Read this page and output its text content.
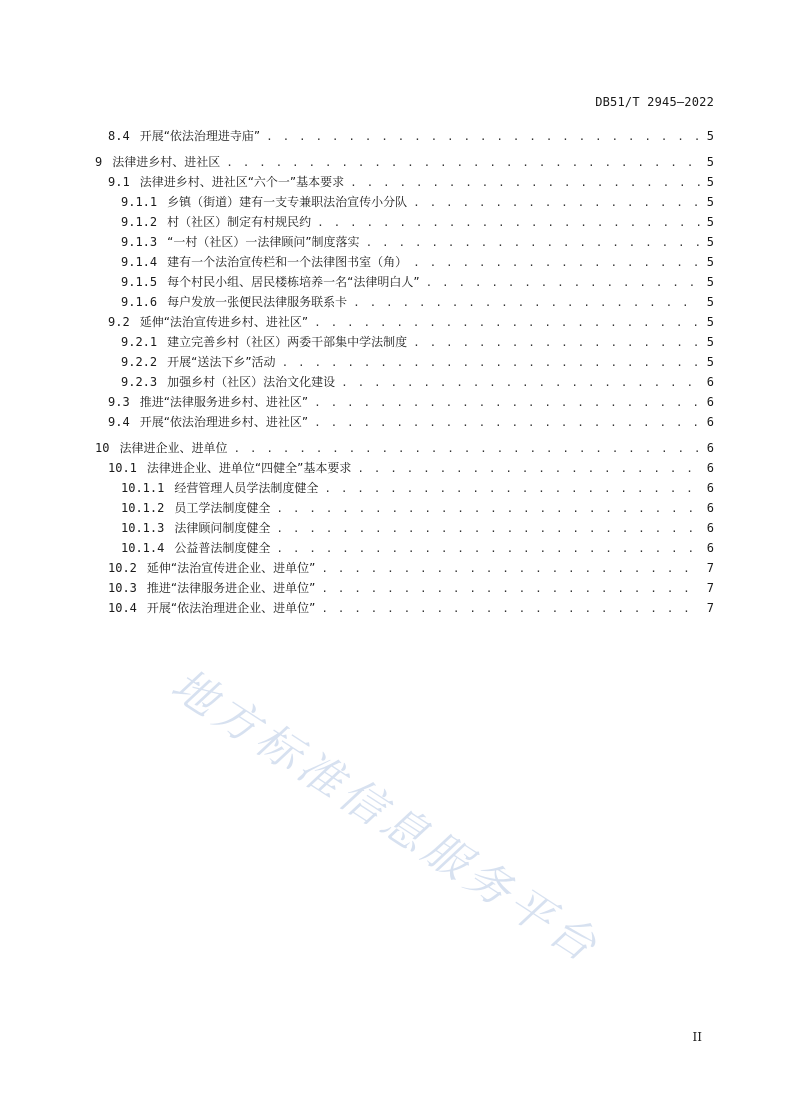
DB51/T 2945—2022
8.4 开展“依法治理进寺庙” . . .	5
9 法律进乡村、进社区 . . .	5
9.1 法律进乡村、进社区“六个一”基本要求 . . .	5
9.1.1 乡镇（街道）建有一支专兼职法治宣传小分队 . . .	5
9.1.2 村（社区）制定有村规民约 . . .	5
9.1.3 “一村（社区）一法律顾问”制度落实 . . .	5
9.1.4 建有一个法治宣传栏和一个法律图书室（角） . . .	5
9.1.5 每个村民小组、居民楼栋培养一名“法律明白人” . . .	5
9.1.6 每户发放一张便民法律服务联系卡 . . .	5
9.2 延伸“法治宣传进乡村、进社区” . . .	5
9.2.1 建立完善乡村（社区）两委干部集中学法制度 . . .	5
9.2.2 开展“送法下乡”活动 . . .	5
9.2.3 加强乡村（社区）法治文化建设 . . .	6
9.3 推进“法律服务进乡村、进社区” . . .	6
9.4 开展“依法治理进乡村、进社区” . . .	6
10 法律进企业、进单位 . . .	6
10.1 法律进企业、进单位“四健全”基本要求 . . .	6
10.1.1 经营管理人员学法制度健全 . . .	6
10.1.2 员工学法制度健全 . . .	6
10.1.3 法律顾问制度健全 . . .	6
10.1.4 公益普法制度健全 . . .	6
10.2 延伸“法治宣传进企业、进单位” . . .	7
10.3 推进“法律服务进企业、进单位” . . .	7
10.4 开展“依法治理进企业、进单位” . . .	7
地方标准信息服务平台
II
